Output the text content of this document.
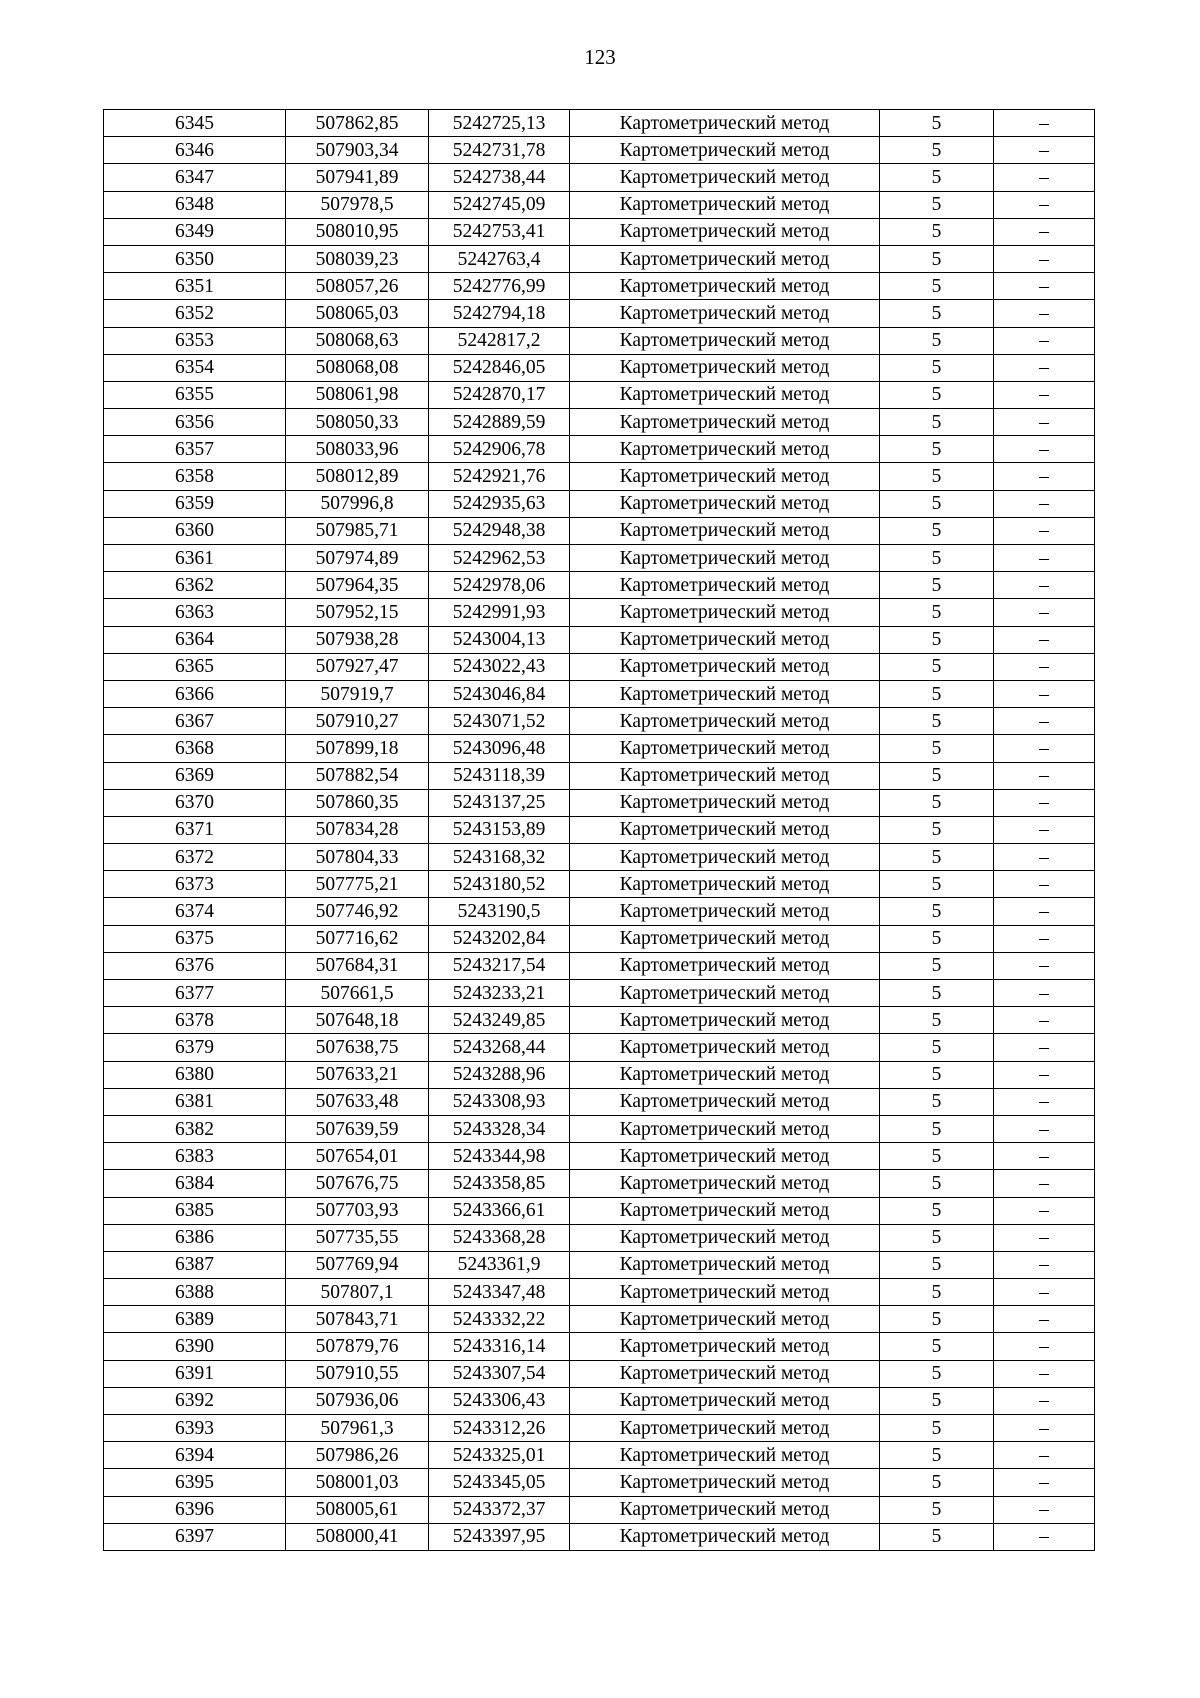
123
6345	507862,85	5242725,13	Картометрический метод	5	–
6346	507903,34	5242731,78	Картометрический метод	5	–
6347	507941,89	5242738,44	Картометрический метод	5	–
6348	507978,5	5242745,09	Картометрический метод	5	–
6349	508010,95	5242753,41	Картометрический метод	5	–
6350	508039,23	5242763,4	Картометрический метод	5	–
6351	508057,26	5242776,99	Картометрический метод	5	–
6352	508065,03	5242794,18	Картометрический метод	5	–
6353	508068,63	5242817,2	Картометрический метод	5	–
6354	508068,08	5242846,05	Картометрический метод	5	–
6355	508061,98	5242870,17	Картометрический метод	5	–
6356	508050,33	5242889,59	Картометрический метод	5	–
6357	508033,96	5242906,78	Картометрический метод	5	–
6358	508012,89	5242921,76	Картометрический метод	5	–
6359	507996,8	5242935,63	Картометрический метод	5	–
6360	507985,71	5242948,38	Картометрический метод	5	–
6361	507974,89	5242962,53	Картометрический метод	5	–
6362	507964,35	5242978,06	Картометрический метод	5	–
6363	507952,15	5242991,93	Картометрический метод	5	–
6364	507938,28	5243004,13	Картометрический метод	5	–
6365	507927,47	5243022,43	Картометрический метод	5	–
6366	507919,7	5243046,84	Картометрический метод	5	–
6367	507910,27	5243071,52	Картометрический метод	5	–
6368	507899,18	5243096,48	Картометрический метод	5	–
6369	507882,54	5243118,39	Картометрический метод	5	–
6370	507860,35	5243137,25	Картометрический метод	5	–
6371	507834,28	5243153,89	Картометрический метод	5	–
6372	507804,33	5243168,32	Картометрический метод	5	–
6373	507775,21	5243180,52	Картометрический метод	5	–
6374	507746,92	5243190,5	Картометрический метод	5	–
6375	507716,62	5243202,84	Картометрический метод	5	–
6376	507684,31	5243217,54	Картометрический метод	5	–
6377	507661,5	5243233,21	Картометрический метод	5	–
6378	507648,18	5243249,85	Картометрический метод	5	–
6379	507638,75	5243268,44	Картометрический метод	5	–
6380	507633,21	5243288,96	Картометрический метод	5	–
6381	507633,48	5243308,93	Картометрический метод	5	–
6382	507639,59	5243328,34	Картометрический метод	5	–
6383	507654,01	5243344,98	Картометрический метод	5	–
6384	507676,75	5243358,85	Картометрический метод	5	–
6385	507703,93	5243366,61	Картометрический метод	5	–
6386	507735,55	5243368,28	Картометрический метод	5	–
6387	507769,94	5243361,9	Картометрический метод	5	–
6388	507807,1	5243347,48	Картометрический метод	5	–
6389	507843,71	5243332,22	Картометрический метод	5	–
6390	507879,76	5243316,14	Картометрический метод	5	–
6391	507910,55	5243307,54	Картометрический метод	5	–
6392	507936,06	5243306,43	Картометрический метод	5	–
6393	507961,3	5243312,26	Картометрический метод	5	–
6394	507986,26	5243325,01	Картометрический метод	5	–
6395	508001,03	5243345,05	Картометрический метод	5	–
6396	508005,61	5243372,37	Картометрический метод	5	–
6397	508000,41	5243397,95	Картометрический метод	5	–
